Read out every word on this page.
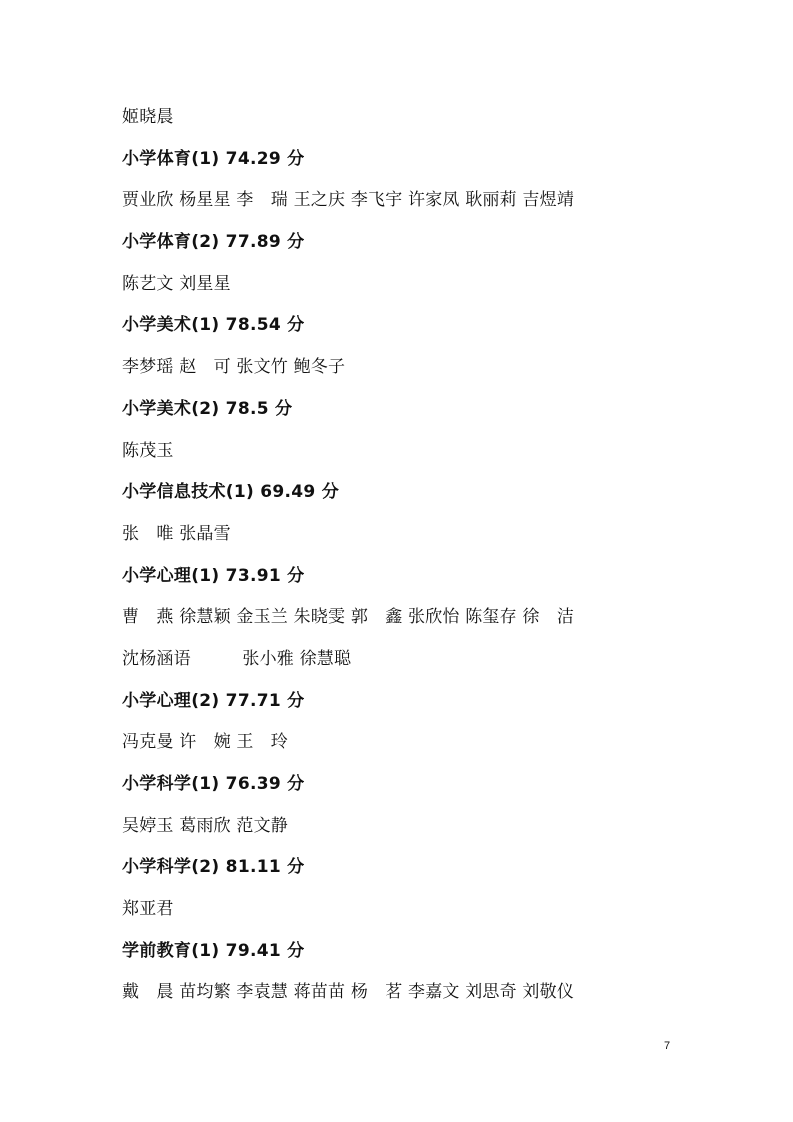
姬晓晨
小学体育(1) 74.29 分
贾业欣 杨星星 李　瑞 王之庆 李飞宇 许家凤 耿丽莉 吉煜靖
小学体育(2) 77.89 分
陈艺文 刘星星
小学美术(1) 78.54 分
李梦瑶 赵　可 张文竹 鲍冬子
小学美术(2) 78.5 分
陈茂玉
小学信息技术(1) 69.49 分
张　唯 张晶雪
小学心理(1) 73.91 分
曹　燕 徐慧颖 金玉兰 朱晓雯 郭　鑫 张欣怡 陈玺存 徐　洁
沈杨涵语　　　张小雅 徐慧聪
小学心理(2) 77.71 分
冯克曼 许　婉 王　玲
小学科学(1) 76.39 分
吴婷玉 葛雨欣 范文静
小学科学(2) 81.11 分
郑亚君
学前教育(1) 79.41 分
戴　晨 苗均繁 李袁慧 蒋苗苗 杨　茗 李嘉文 刘思奇 刘敬仪
7
